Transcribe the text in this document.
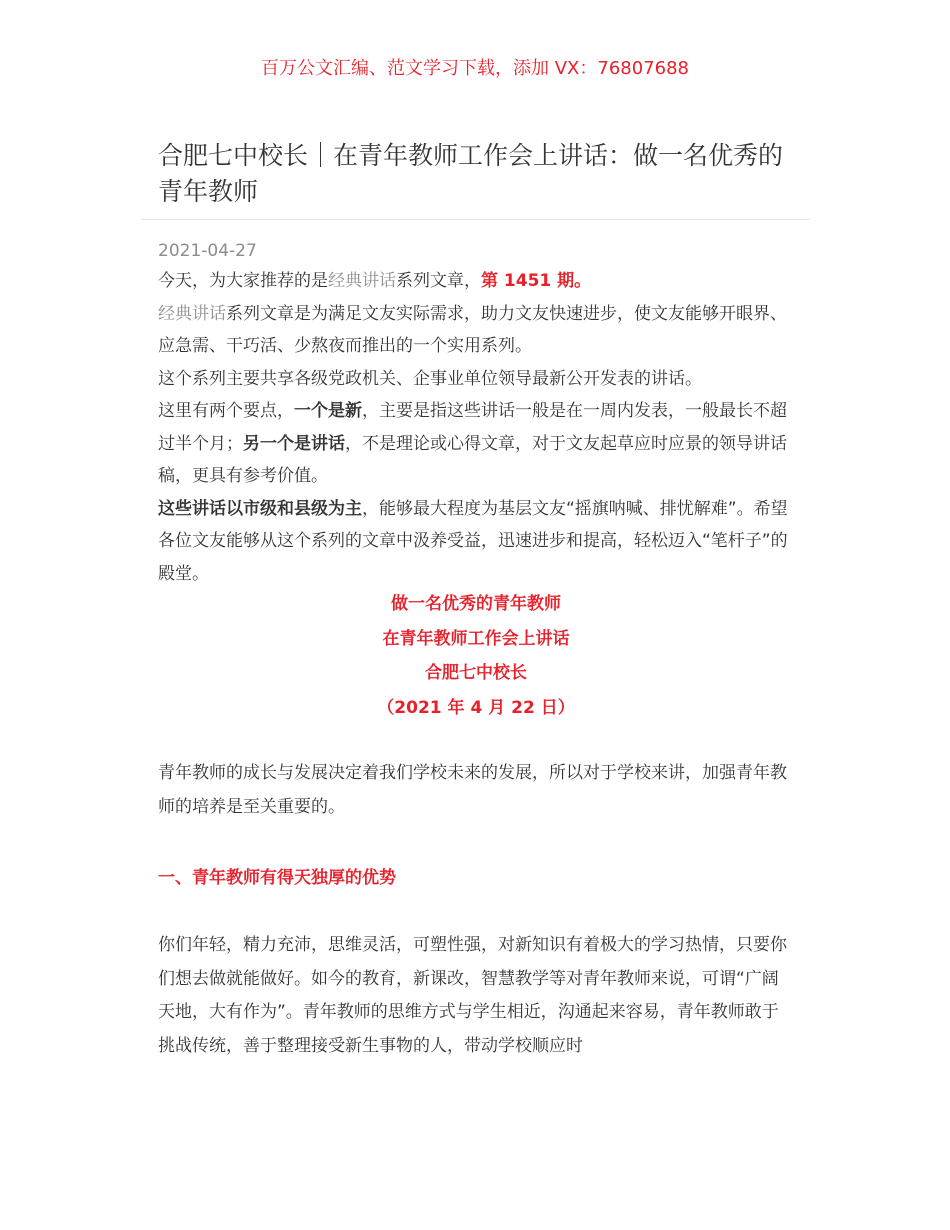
百万公文汇编、范文学习下载，添加 VX：76807688
合肥七中校长｜在青年教师工作会上讲话：做一名优秀的青年教师
2021-04-27

今天，为大家推荐的是经典讲话系列文章，第 1451 期。

经典讲话系列文章是为满足文友实际需求，助力文友快速进步，使文友能够开眼界、应急需、干巧活、少熬夜而推出的一个实用系列。

这个系列主要共享各级党政机关、企事业单位领导最新公开发表的讲话。

这里有两个要点，一个是新，主要是指这些讲话一般是在一周内发表，一般最长不超过半个月；另一个是讲话，不是理论或心得文章，对于文友起草应时应景的领导讲话稿，更具有参考价值。

这些讲话以市级和县级为主，能够最大程度为基层文友“摇旗呐喊、排忧解难”。希望各位文友能够从这个系列的文章中汲养受益，迅速进步和提高，轻松迈入“笔杆子”的殿堂。

做一名优秀的青年教师
在青年教师工作会上讲话
合肥七中校长
（2021 年 4 月 22 日）

青年教师的成长与发展决定着我们学校未来的发展，所以对于学校来讲，加强青年教师的培养是至关重要的。

一、青年教师有得天独厚的优势

你们年轻，精力充沛，思维灵活，可塑性强，对新知识有着极大的学习热情，只要你们想去做就能做好。如今的教育，新课改，智慧教学等对青年教师来说，可谓“广阔天地，大有作为”。青年教师的思维方式与学生相近，沟通起来容易，青年教师敢于挑战传统，善于整理接受新生事物的人，带动学校顺应时
